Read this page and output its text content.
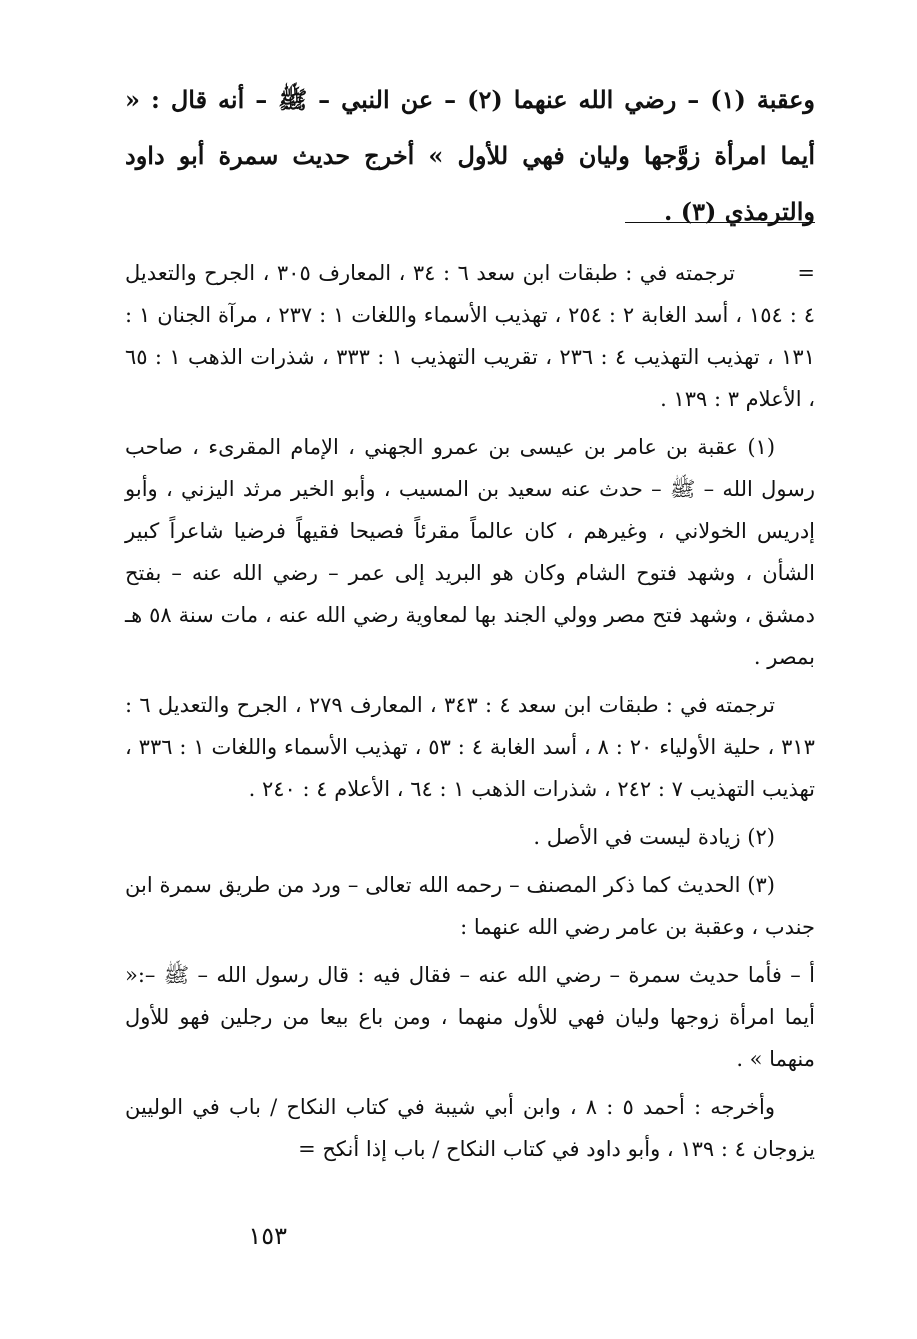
وعقبة (١) – رضي الله عنهما (٢) – عن النبي – ﷺ – أنه قال : « أيما امرأة زوَّجها وليان فهي للأول » أخرج حديث سمرة أبو داود والترمذي (٣) .

=ترجمته في : طبقات ابن سعد ٦ : ٣٤ ، المعارف ٣٠٥ ، الجرح والتعديل ٤ : ١٥٤ ، أسد الغابة ٢ : ٢٥٤ ، تهذيب الأسماء واللغات ١ : ٢٣٧ ، مرآة الجنان ١ : ١٣١ ، تهذيب التهذيب ٤ : ٢٣٦ ، تقريب التهذيب ١ : ٣٣٣ ، شذرات الذهب ١ : ٦٥ ، الأعلام ٣ : ١٣٩ .

(١) عقبة بن عامر بن عيسى بن عمرو الجهني ، الإمام المقرىء ، صاحب رسول الله – ﷺ – حدث عنه سعيد بن المسيب ، وأبو الخير مرثد اليزني ، وأبو إدريس الخولاني ، وغيرهم ، كان عالماً مقرئاً فصيحا فقيهاً فرضيا شاعراً كبير الشأن ، وشهد فتوح الشام وكان هو البريد إلى عمر – رضي الله عنه – بفتح دمشق ، وشهد فتح مصر وولي الجند بها لمعاوية رضي الله عنه ، مات سنة ٥٨ هـ بمصر .

ترجمته في : طبقات ابن سعد ٤ : ٣٤٣ ، المعارف ٢٧٩ ، الجرح والتعديل ٦ : ٣١٣ ، حلية الأولياء ٢٠ : ٨ ، أسد الغابة ٤ : ٥٣ ، تهذيب الأسماء واللغات ١ : ٣٣٦ ، تهذيب التهذيب ٧ : ٢٤٢ ، شذرات الذهب ١ : ٦٤ ، الأعلام ٤ : ٢٤٠ .

(٢) زيادة ليست في الأصل .

(٣) الحديث كما ذكر المصنف – رحمه الله تعالى – ورد من طريق سمرة ابن جندب ، وعقبة بن عامر رضي الله عنهما :

أ – فأما حديث سمرة – رضي الله عنه – فقال فيه : قال رسول الله – ﷺ –:« أيما امرأة زوجها وليان فهي للأول منهما ، ومن باع بيعا من رجلين فهو للأول منهما » .

وأخرجه : أحمد ٥ : ٨ ، وابن أبي شيبة في كتاب النكاح / باب في الوليين يزوجان ٤ : ١٣٩ ، وأبو داود في كتاب النكاح / باب إذا أنكح =

١٥٣
